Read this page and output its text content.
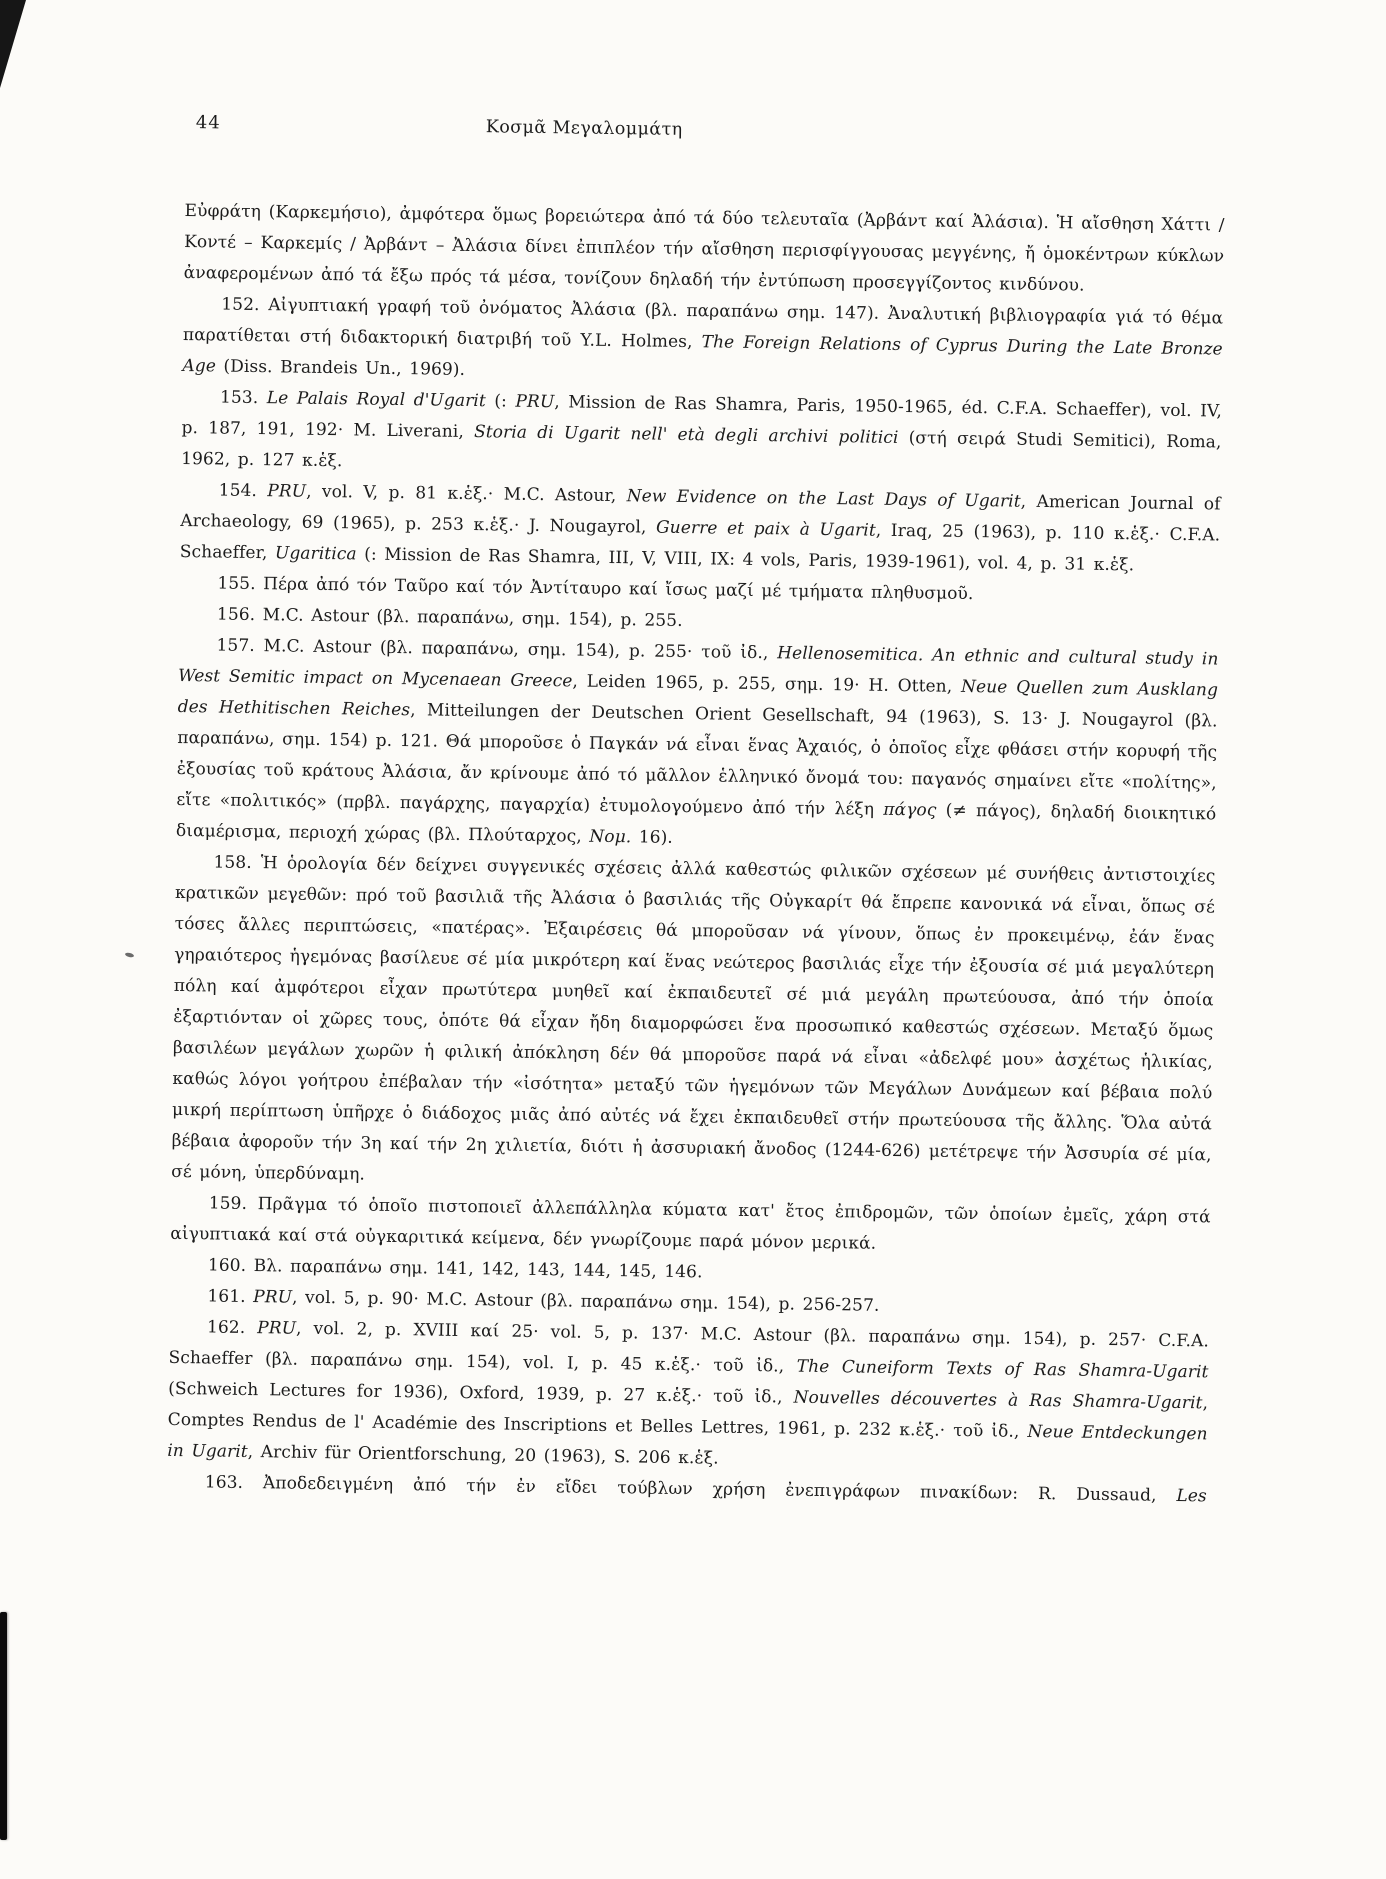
44	Κοσμᾶ Μεγαλομμάτη

Εὐφράτη (Καρκεμήσιο), ἀμφότερα ὅμως βορειώτερα ἀπό τά δύο τελευταῖα (Ἀρβάντ καί Ἀλάσια). Ἡ αἴσθηση Χάττι / Κοντέ – Καρκεμίς / Ἀρβάντ – Ἀλάσια δίνει ἐπιπλέον τήν αἴσθηση περισφίγγουσας μεγγένης, ἤ ὁμοκέντρων κύκλων ἀναφερομένων ἀπό τά ἔξω πρός τά μέσα, τονίζουν δηλαδή τήν ἐντύπωση προσεγγίζοντος κινδύνου.

152. Αἰγυπτιακή γραφή τοῦ ὀνόματος Ἀλάσια (βλ. παραπάνω σημ. 147). Ἀναλυτική βιβλιογραφία γιά τό θέμα παρατίθεται στή διδακτορική διατριβή τοῦ Y.L. Holmes, The Foreign Relations of Cyprus During the Late Bronze Age (Diss. Brandeis Un., 1969).

153. Le Palais Royal d'Ugarit (: PRU, Mission de Ras Shamra, Paris, 1950-1965, éd. C.F.A. Schaeffer), vol. IV, p. 187, 191, 192· M. Liverani, Storia di Ugarit nell' età degli archivi politici (στή σειρά Studi Semitici), Roma, 1962, p. 127 κ.ἑξ.

154. PRU, vol. V, p. 81 κ.ἑξ.· M.C. Astour, New Evidence on the Last Days of Ugarit, American Journal of Archaeology, 69 (1965), p. 253 κ.ἑξ.· J. Nougayrol, Guerre et paix à Ugarit, Iraq, 25 (1963), p. 110 κ.ἑξ.· C.F.A. Schaeffer, Ugaritica (: Mission de Ras Shamra, III, V, VIII, IX: 4 vols, Paris, 1939-1961), vol. 4, p. 31 κ.ἑξ.

155. Πέρα ἀπό τόν Ταῦρο καί τόν Ἀντίταυρο καί ἴσως μαζί μέ τμήματα πληθυσμοῦ.

156. M.C. Astour (βλ. παραπάνω, σημ. 154), p. 255.

157. M.C. Astour (βλ. παραπάνω, σημ. 154), p. 255· τοῦ ἰδ., Hellenosemitica. An ethnic and cultural study in West Semitic impact on Mycenaean Greece, Leiden 1965, p. 255, σημ. 19· H. Otten, Neue Quellen zum Ausklang des Hethitischen Reiches, Mitteilungen der Deutschen Orient Gesellschaft, 94 (1963), S. 13· J. Nougayrol (βλ. παραπάνω, σημ. 154) p. 121. Θά μποροῦσε ὁ Παγκάν νά εἶναι ἕνας Ἀχαιός, ὁ ὁποῖος εἶχε φθάσει στήν κορυφή τῆς ἐξουσίας τοῦ κράτους Ἀλάσια, ἄν κρίνουμε ἀπό τό μᾶλλον ἑλληνικό ὄνομά του: παγανός σημαίνει εἴτε «πολίτης», εἴτε «πολιτικός» (πρβλ. παγάρχης, παγαρχία) ἐτυμολογούμενο ἀπό τήν λέξη πάγος (≠ πάγος), δηλαδή διοικητικό διαμέρισμα, περιοχή χώρας (βλ. Πλούταρχος, Νομ. 16).

158. Ἡ ὁρολογία δέν δείχνει συγγενικές σχέσεις ἀλλά καθεστώς φιλικῶν σχέσεων μέ συνήθεις ἀντιστοιχίες κρατικῶν μεγεθῶν: πρό τοῦ βασιλιᾶ τῆς Ἀλάσια ὁ βασιλιάς τῆς Οὐγκαρίτ θά ἔπρεπε κανονικά νά εἶναι, ὅπως σέ τόσες ἄλλες περιπτώσεις, «πατέρας». Ἐξαιρέσεις θά μποροῦσαν νά γίνουν, ὅπως ἐν προκειμένῳ, ἐάν ἕνας γηραιότερος ἡγεμόνας βασίλευε σέ μία μικρότερη καί ἕνας νεώτερος βασιλιάς εἶχε τήν ἐξουσία σέ μιά μεγαλύτερη πόλη καί ἀμφότεροι εἶχαν πρωτύτερα μυηθεῖ καί ἐκπαιδευτεῖ σέ μιά μεγάλη πρωτεύουσα, ἀπό τήν ὁποία ἐξαρτιόνταν οἱ χῶρες τους, ὁπότε θά εἶχαν ἤδη διαμορφώσει ἕνα προσωπικό καθεστώς σχέσεων. Μεταξύ ὅμως βασιλέων μεγάλων χωρῶν ἡ φιλική ἀπόκληση δέν θά μποροῦσε παρά νά εἶναι «ἀδελφέ μου» ἀσχέτως ἡλικίας, καθώς λόγοι γοήτρου ἐπέβαλαν τήν «ἰσότητα» μεταξύ τῶν ἡγεμόνων τῶν Μεγάλων Δυνάμεων καί βέβαια πολύ μικρή περίπτωση ὑπῆρχε ὁ διάδοχος μιᾶς ἀπό αὐτές νά ἔχει ἐκπαιδευθεῖ στήν πρωτεύουσα τῆς ἄλλης. Ὅλα αὐτά βέβαια ἀφοροῦν τήν 3η καί τήν 2η χιλιετία, διότι ἡ ἀσσυριακή ἄνοδος (1244-626) μετέτρεψε τήν Ἀσσυρία σέ μία, σέ μόνη, ὑπερδύναμη.

159. Πρᾶγμα τό ὁποῖο πιστοποιεῖ ἀλλεπάλληλα κύματα κατ' ἔτος ἐπιδρομῶν, τῶν ὁποίων ἐμεῖς, χάρη στά αἰγυπτιακά καί στά οὐγκαριτικά κείμενα, δέν γνωρίζουμε παρά μόνον μερικά.

160. Βλ. παραπάνω σημ. 141, 142, 143, 144, 145, 146.

161. PRU, vol. 5, p. 90· M.C. Astour (βλ. παραπάνω σημ. 154), p. 256-257.

162. PRU, vol. 2, p. XVIII καί 25· vol. 5, p. 137· M.C. Astour (βλ. παραπάνω σημ. 154), p. 257· C.F.A. Schaeffer (βλ. παραπάνω σημ. 154), vol. I, p. 45 κ.ἑξ.· τοῦ ἰδ., The Cuneiform Texts of Ras Shamra-Ugarit (Schweich Lectures for 1936), Oxford, 1939, p. 27 κ.ἑξ.· τοῦ ἰδ., Nouvelles découvertes à Ras Shamra-Ugarit, Comptes Rendus de l' Académie des Inscriptions et Belles Lettres, 1961, p. 232 κ.ἑξ.· τοῦ ἰδ., Neue Entdeckungen in Ugarit, Archiv für Orientforschung, 20 (1963), S. 206 κ.ἑξ.

163. Ἀποδεδειγμένη ἀπό τήν ἐν εἴδει τούβλων χρήση ἐνεπιγράφων πινακίδων: R. Dussaud, Les
